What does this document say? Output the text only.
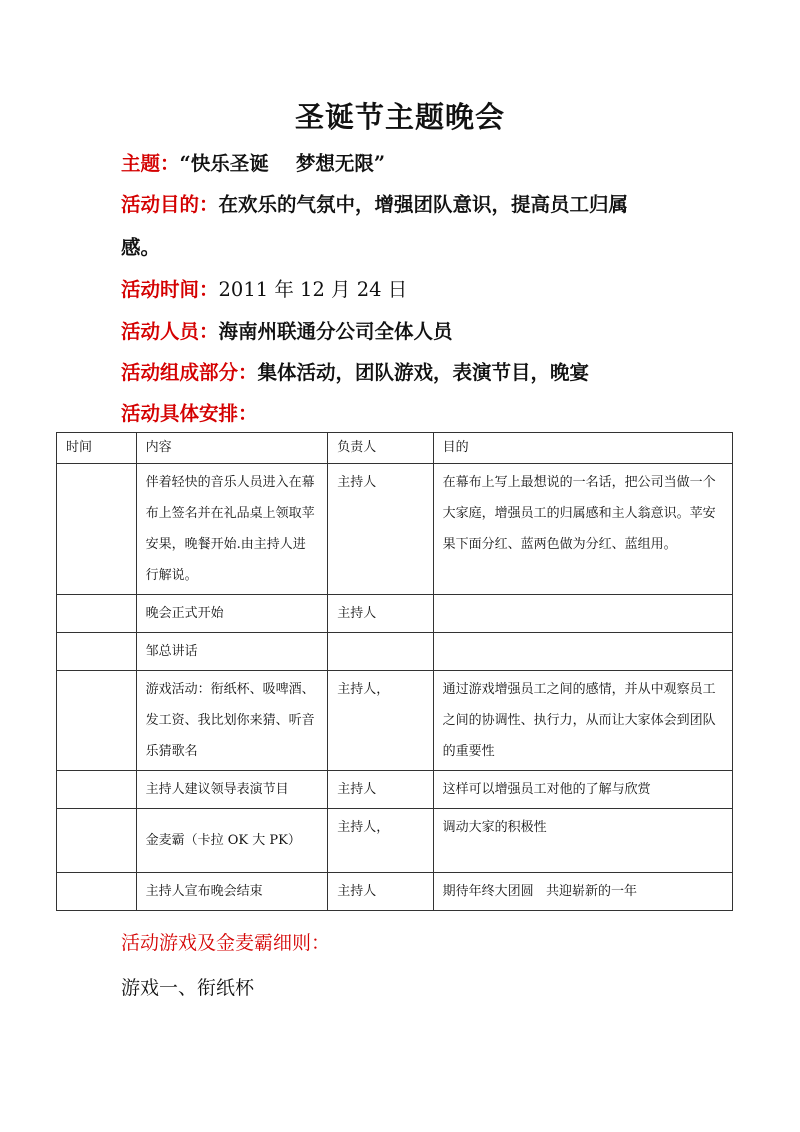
圣诞节主题晚会
主题：“快乐圣诞    梦想无限”
活动目的：在欢乐的气氛中，增强团队意识，提高员工归属
感。
活动时间：2011 年 12 月 24 日
活动人员：海南州联通分公司全体人员
活动组成部分：集体活动，团队游戏，表演节目，晚宴
活动具体安排：
时间	内容	负责人	目的
	伴着轻快的音乐人员进入在幕布上签名并在礼品桌上领取苹安果，晚餐开始.由主持人进行解说。	主持人	在幕布上写上最想说的一名话，把公司当做一个大家庭，增强员工的归属感和主人翁意识。苹安果下面分红、蓝两色做为分红、蓝组用。
	晚会正式开始	主持人	
	邹总讲话		
	游戏活动：衔纸杯、吸啤酒、发工资、我比划你来猜、听音乐猜歌名	主持人，	通过游戏增强员工之间的感情，并从中观察员工之间的协调性、执行力，从而让大家体会到团队的重要性
	主持人建议领导表演节目	主持人	这样可以增强员工对他的了解与欣赏
	金麦霸（卡拉 OK 大 PK）	主持人，	调动大家的积极性
	主持人宣布晚会结束	主持人	期待年终大团圆   共迎崭新的一年
活动游戏及金麦霸细则：
游戏一、衔纸杯
